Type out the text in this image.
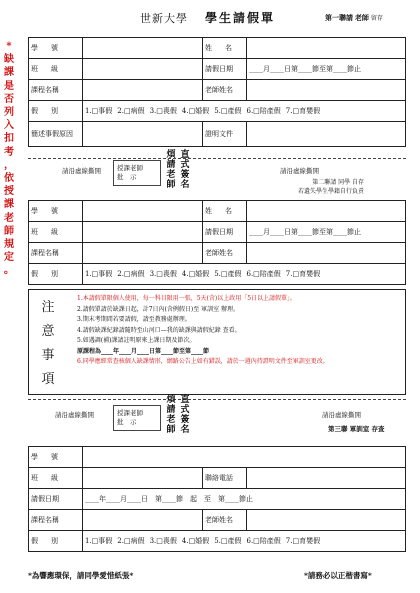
世新大學 學生請假單	第一聯請 老師 留存
*
缺
課
是
否
列
入
扣
考
，
依
授
課
老
師
規
定
。
學　號		姓　名	
班　級		請假日期	____月____日第____節至第____節止
課程名稱		老師姓名	
假　別	1.□事假 2.□病假 3.□喪假 4.□婚假 5.□產假 6.□陪產假 7.□育嬰假		
簡述事假原因		證明文件	
請沿虛線撕開	授課老師批　示
煩
請
老
師
直
式
簽
名
請沿虛線撕開
第二聯請 同學 自存
若遺失學生學籍自行負責
學　號		姓　名	
班　級		請假日期	____月____日第____節至第____節止
課程名稱		老師姓名	
假　別	1.□事假 2.□病假 3.□喪假 4.□婚假 5.□產假 6.□陪產假 7.□育嬰假		
注
意
事
項
1.本請假單限個人使用，每一科目限用一張，5天(含)以上政用「5日以上請假單」。
2.請假單請於缺課日起，計7日內(含例假日)至 軍訓室 辦理。
3.期末考期間若要請假，請至教務處辦理。
4.請假缺課紀錄請隨時至山河口—我的缺課與請假紀錄 查看。
5.如遇調(補)課請註明原來上課日期及節次。
原課程為____年____月____日第____節至第____節
6.同學應經常查核個人缺課情形，網路公告上如有錯誤，請於一週內持證明文件至軍訓室更改。
請沿虛線撕開	授課老師批　示
煩
請
老
師
直
式
簽
名
請沿虛線撕開
第三聯 軍訓室 存查
學　號			
班　級		聯絡電話	
請假日期	____年____月____日　第____節　起　至　第____節止		
課程名稱		老師姓名	
假　別	1.□事假 2.□病假 3.□喪假 4.□婚假 5.□產假 6.□陪產假 7.□育嬰假		
*為響應環保，請同學愛惜紙張*	*請務必以正楷書寫*
